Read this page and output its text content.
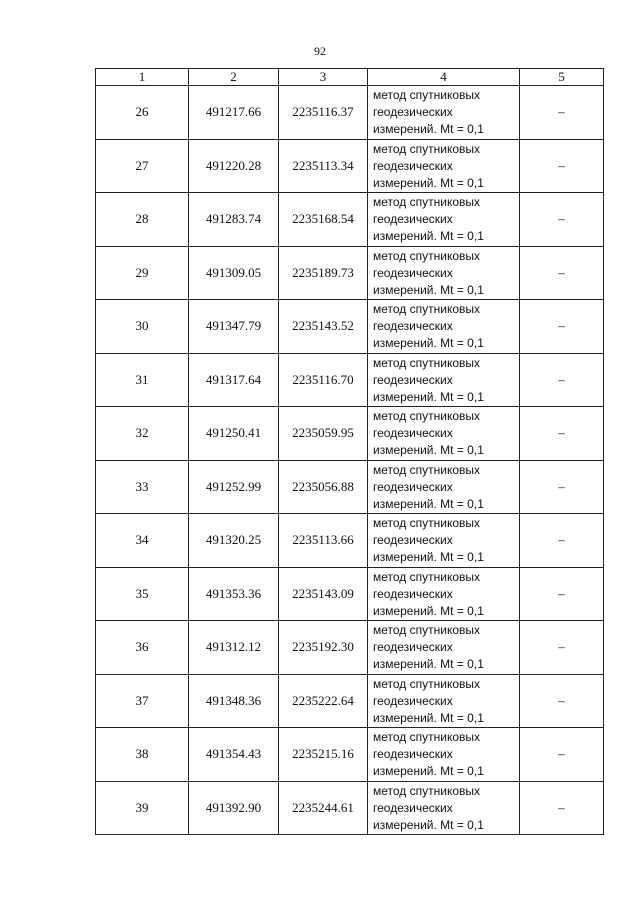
92
1	2	3	4	5
26	491217.66	2235116.37	метод спутниковых
геодезических
измерений. Mt = 0,1	–
27	491220.28	2235113.34	метод спутниковых
геодезических
измерений. Mt = 0,1	–
28	491283.74	2235168.54	метод спутниковых
геодезических
измерений. Mt = 0,1	–
29	491309.05	2235189.73	метод спутниковых
геодезических
измерений. Mt = 0,1	–
30	491347.79	2235143.52	метод спутниковых
геодезических
измерений. Mt = 0,1	–
31	491317.64	2235116.70	метод спутниковых
геодезических
измерений. Mt = 0,1	–
32	491250.41	2235059.95	метод спутниковых
геодезических
измерений. Mt = 0,1	–
33	491252.99	2235056.88	метод спутниковых
геодезических
измерений. Mt = 0,1	–
34	491320.25	2235113.66	метод спутниковых
геодезических
измерений. Mt = 0,1	–
35	491353.36	2235143.09	метод спутниковых
геодезических
измерений. Mt = 0,1	–
36	491312.12	2235192.30	метод спутниковых
геодезических
измерений. Mt = 0,1	–
37	491348.36	2235222.64	метод спутниковых
геодезических
измерений. Mt = 0,1	–
38	491354.43	2235215.16	метод спутниковых
геодезических
измерений. Mt = 0,1	–
39	491392.90	2235244.61	метод спутниковых
геодезических
измерений. Mt = 0,1	–
